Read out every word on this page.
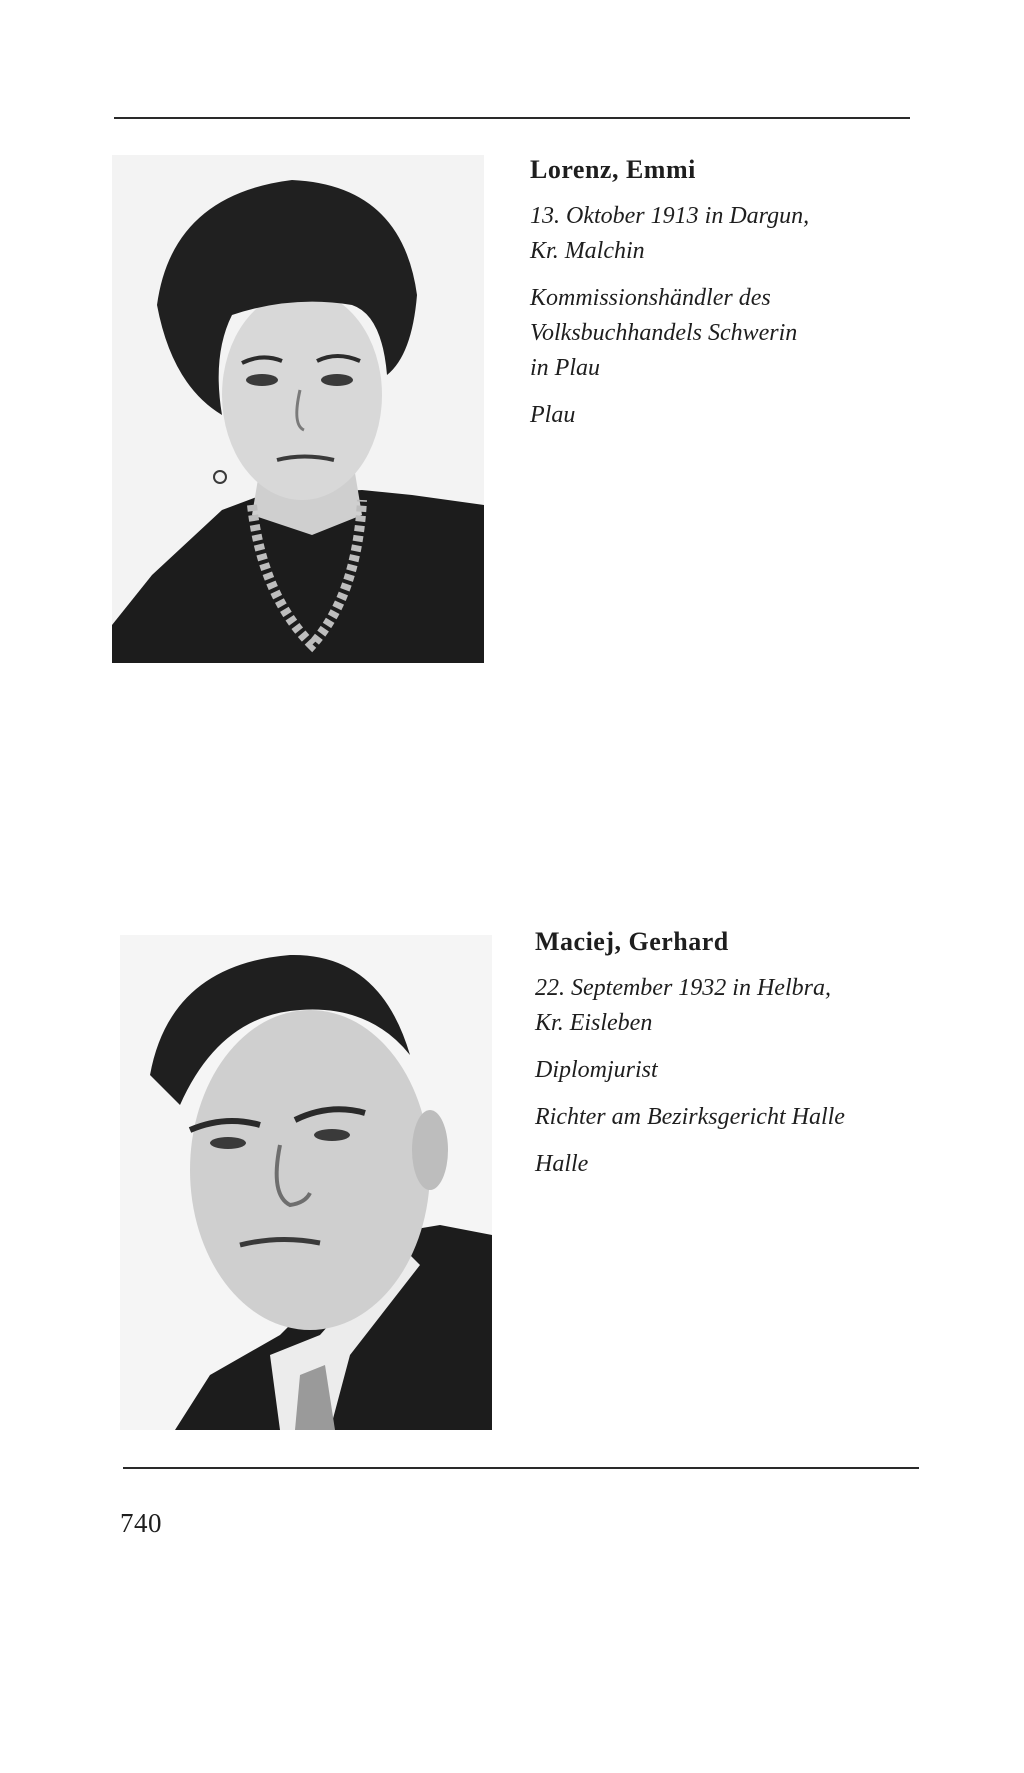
Lorenz, Emmi
13. Oktober 1913 in Dargun,
Kr. Malchin
Kommissionshändler des
Volksbuchhandels Schwerin
in Plau
Plau
Maciej, Gerhard
22. September 1932 in Helbra,
Kr. Eisleben
Diplomjurist
Richter am Bezirksgericht Halle
Halle
740
